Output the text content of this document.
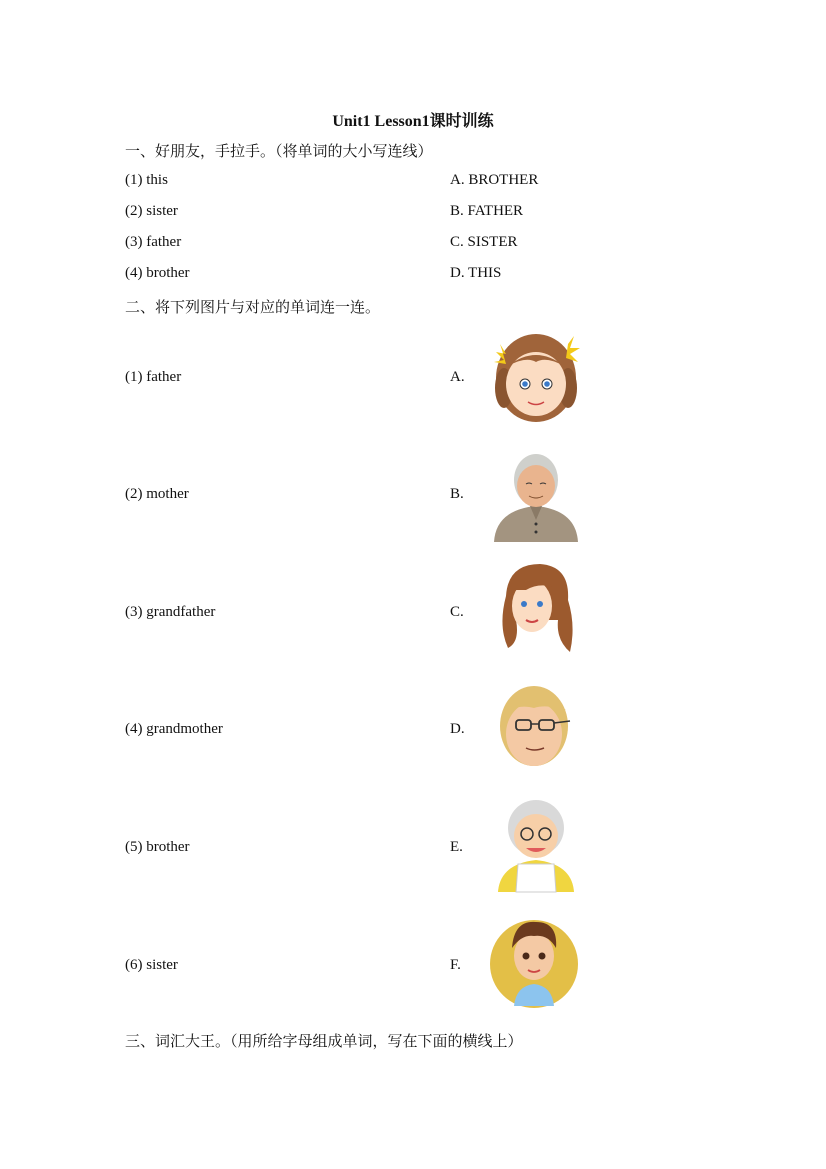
Unit1 Lesson1课时训练
一、好朋友，手拉手。（将单词的大小写连线）
(1) this	A. BROTHER
(2) sister	B. FATHER
(3) father	C. SISTER
(4) brother	D. THIS
二、将下列图片与对应的单词连一连。
(1) father	A.
(2) mother	B.
(3) grandfather	C.
(4) grandmother	D.
(5) brother	E.
(6) sister	F.
三、词汇大王。（用所给字母组成单词，写在下面的横线上）
